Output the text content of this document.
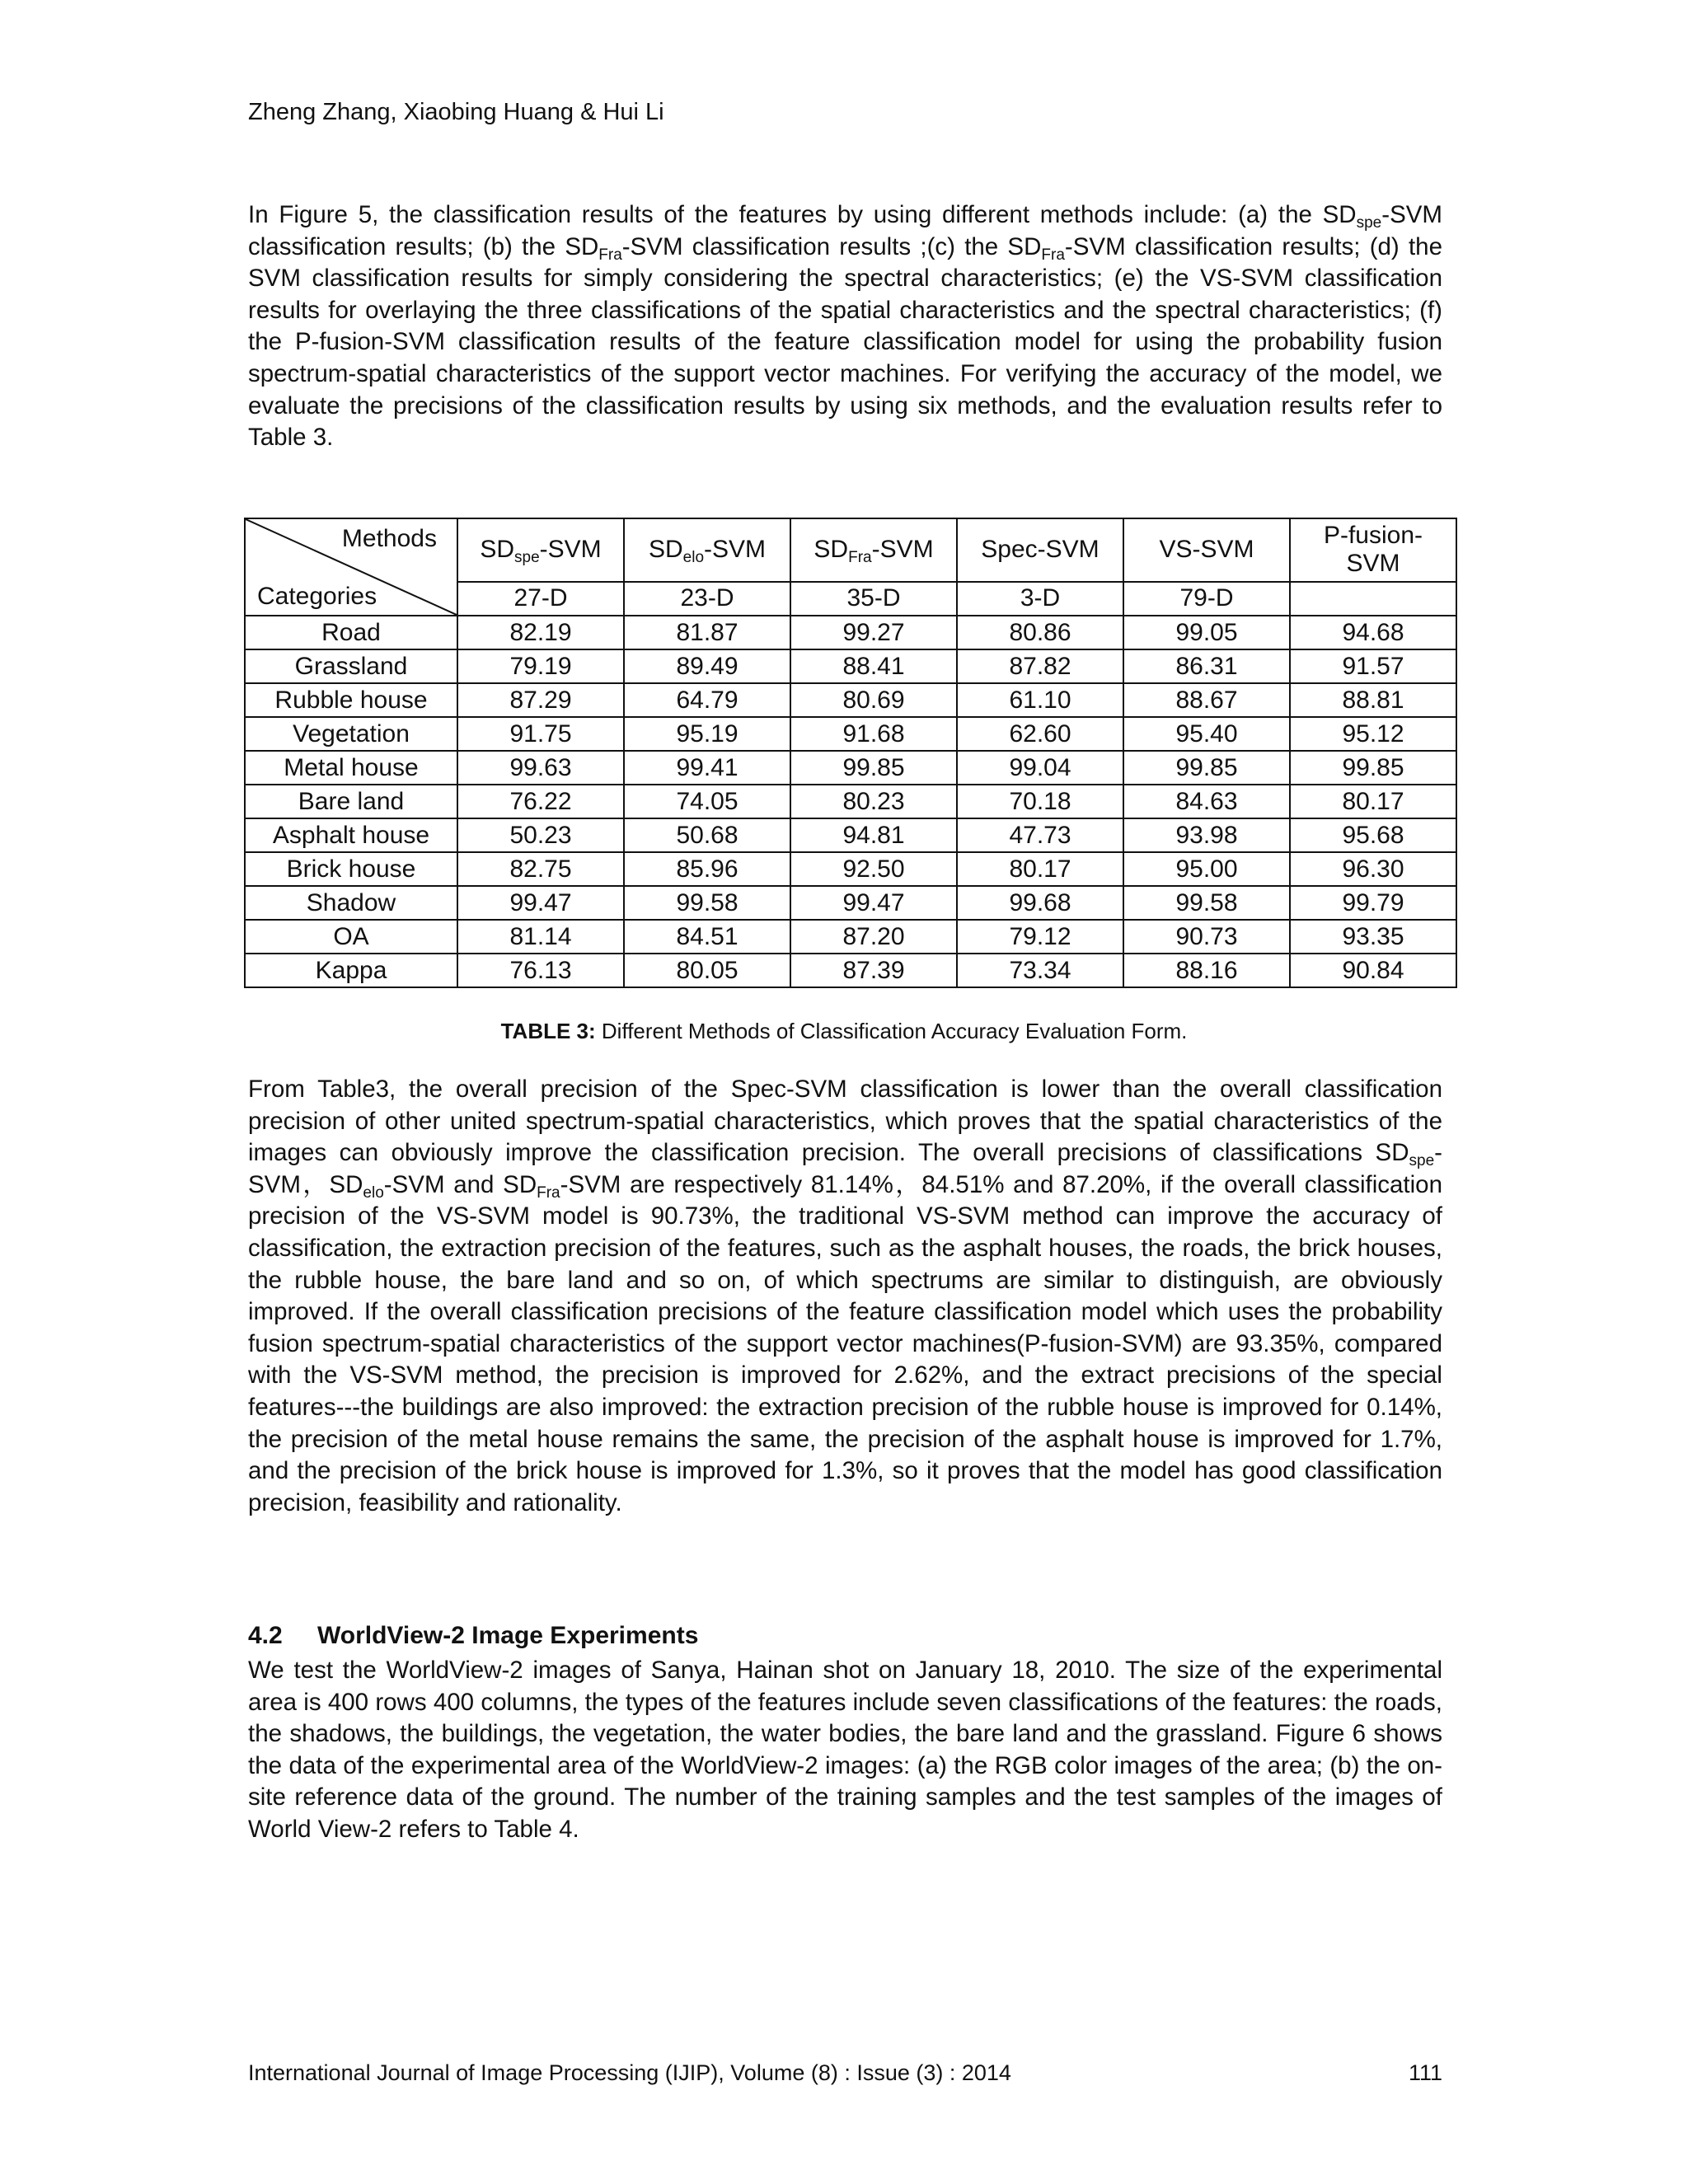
Zheng Zhang, Xiaobing Huang & Hui Li
In Figure 5, the classification results of the features by using different methods include: (a) the $SD_{spe}$-SVM classification results; (b) the $SD_{Fra}$-SVM classification results ;(c) the $SD_{Fra}$-SVM classification results; (d) the SVM classification results for simply considering the spectral characteristics; (e) the VS-SVM classification results for overlaying the three classifications of the spatial characteristics and the spectral characteristics; (f) the P-fusion-SVM classification results of the feature classification model for using the probability fusion spectrum-spatial characteristics of the support vector machines. For verifying the accuracy of the model, we evaluate the precisions of the classification results by using six methods, and the evaluation results refer to Table 3.
Methods
Categories	$SD_{spe}$-SVM	$SD_{elo}$-SVM	$SD_{Fra}$-SVM	Spec-SVM	VS-SVM	P-fusion-SVM
	27-D	23-D	35-D	3-D	79-D	
Road	82.19	81.87	99.27	80.86	99.05	94.68
Grassland	79.19	89.49	88.41	87.82	86.31	91.57
Rubble house	87.29	64.79	80.69	61.10	88.67	88.81
Vegetation	91.75	95.19	91.68	62.60	95.40	95.12
Metal house	99.63	99.41	99.85	99.04	99.85	99.85
Bare land	76.22	74.05	80.23	70.18	84.63	80.17
Asphalt house	50.23	50.68	94.81	47.73	93.98	95.68
Brick house	82.75	85.96	92.50	80.17	95.00	96.30
Shadow	99.47	99.58	99.47	99.68	99.58	99.79
OA	81.14	84.51	87.20	79.12	90.73	93.35
Kappa	76.13	80.05	87.39	73.34	88.16	90.84
TABLE 3: Different Methods of Classification Accuracy Evaluation Form.
From Table3, the overall precision of the Spec-SVM classification is lower than the overall classification precision of other united spectrum-spatial characteristics, which proves that the spatial characteristics of the images can obviously improve the classification precision. The overall precisions of classifications $SD_{spe}$-SVM，$SD_{elo}$-SVM and $SD_{Fra}$-SVM are respectively 81.14%，84.51% and 87.20%, if the overall classification precision of the VS-SVM model is 90.73%, the traditional VS-SVM method can improve the accuracy of classification, the extraction precision of the features, such as the asphalt houses, the roads, the brick houses, the rubble house, the bare land and so on, of which spectrums are similar to distinguish, are obviously improved. If the overall classification precisions of the feature classification model which uses the probability fusion spectrum-spatial characteristics of the support vector machines(P-fusion-SVM) are 93.35%, compared with the VS-SVM method, the precision is improved for 2.62%, and the extract precisions of the special features---the buildings are also improved: the extraction precision of the rubble house is improved for 0.14%, the precision of the metal house remains the same, the precision of the asphalt house is improved for 1.7%, and the precision of the brick house is improved for 1.3%, so it proves that the model has good classification precision, feasibility and rationality.
4.2 WorldView-2 Image Experiments
We test the WorldView-2 images of Sanya, Hainan shot on January 18, 2010. The size of the experimental area is 400 rows 400 columns, the types of the features include seven classifications of the features: the roads, the shadows, the buildings, the vegetation, the water bodies, the bare land and the grassland. Figure 6 shows the data of the experimental area of the WorldView-2 images: (a) the RGB color images of the area; (b) the on-site reference data of the ground. The number of the training samples and the test samples of the images of World View-2 refers to Table 4.
International Journal of Image Processing (IJIP), Volume (8) : Issue (3) : 2014	111
